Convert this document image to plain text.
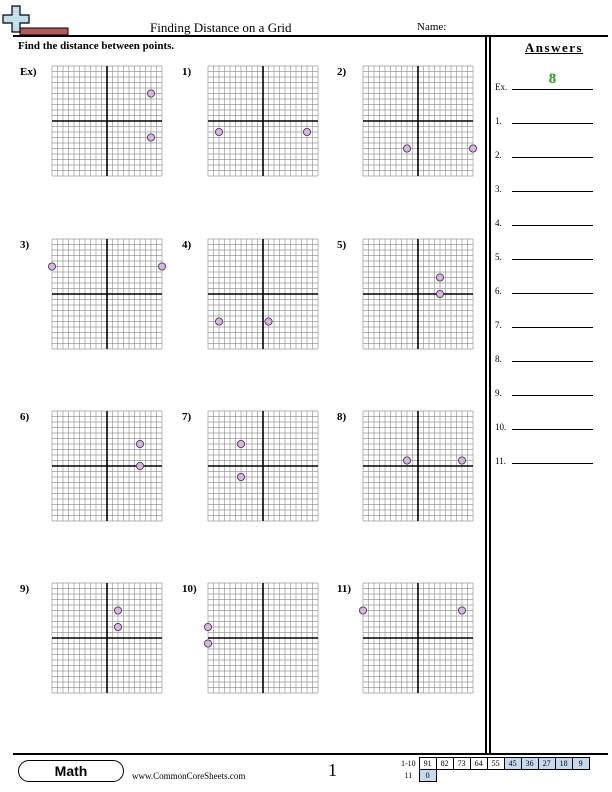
Finding Distance on a Grid	Name:
Find the distance between points.
Ex)	1)	2)
3)	4)	5)
6)	7)	8)
9)	10)	11)
Answers
Ex.	8
1.
2.
3.
4.
5.
6.
7.
8.
9.
10.
11.
Math	www.CommonCoreSheets.com	1	1-10	91	82	73	64	55	45	36	27	18	9
11	0									
